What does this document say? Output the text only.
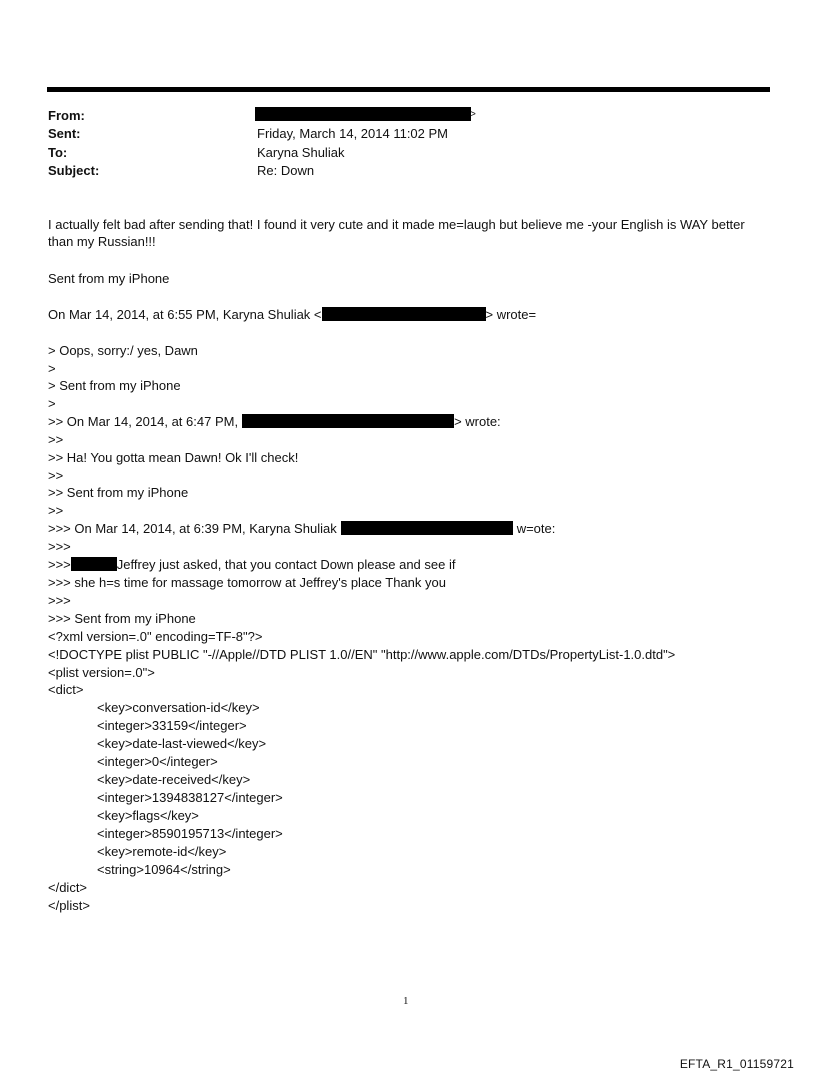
From:	>
Sent:	Friday, March 14, 2014 11:02 PM
To:	Karyna Shuliak
Subject:	Re: Down
I actually felt bad after sending that! I found it very cute and it made me=laugh but believe me -your English is WAY better than my Russian!!!
Sent from my iPhone
On Mar 14, 2014, at 6:55 PM, Karyna Shuliak <	> wrote=
> Oops, sorry:/ yes, Dawn
>
> Sent from my iPhone
>
>> On Mar 14, 2014, at 6:47 PM,	> wrote:
>>
>> Ha! You gotta mean Dawn! Ok I'll check!
>>
>> Sent from my iPhone
>>
>>> On Mar 14, 2014, at 6:39 PM, Karyna Shuliak	w=ote:
>>>
>>>	Jeffrey just asked, that you contact Down please and see if
>>> she h=s time for massage tomorrow at Jeffrey's place Thank you
>>>
>>> Sent from my iPhone
<?xml version=.0" encoding=TF-8"?>
<!DOCTYPE plist PUBLIC "-//Apple//DTD PLIST 1.0//EN" "http://www.apple.com/DTDs/PropertyList-1.0.dtd">
<plist version=.0">
<dict>
<key>conversation-id</key>
<integer>33159</integer>
<key>date-last-viewed</key>
<integer>0</integer>
<key>date-received</key>
<integer>1394838127</integer>
<key>flags</key>
<integer>8590195713</integer>
<key>remote-id</key>
<string>10964</string>
</dict>
</plist>
1
EFTA_R1_01159721
